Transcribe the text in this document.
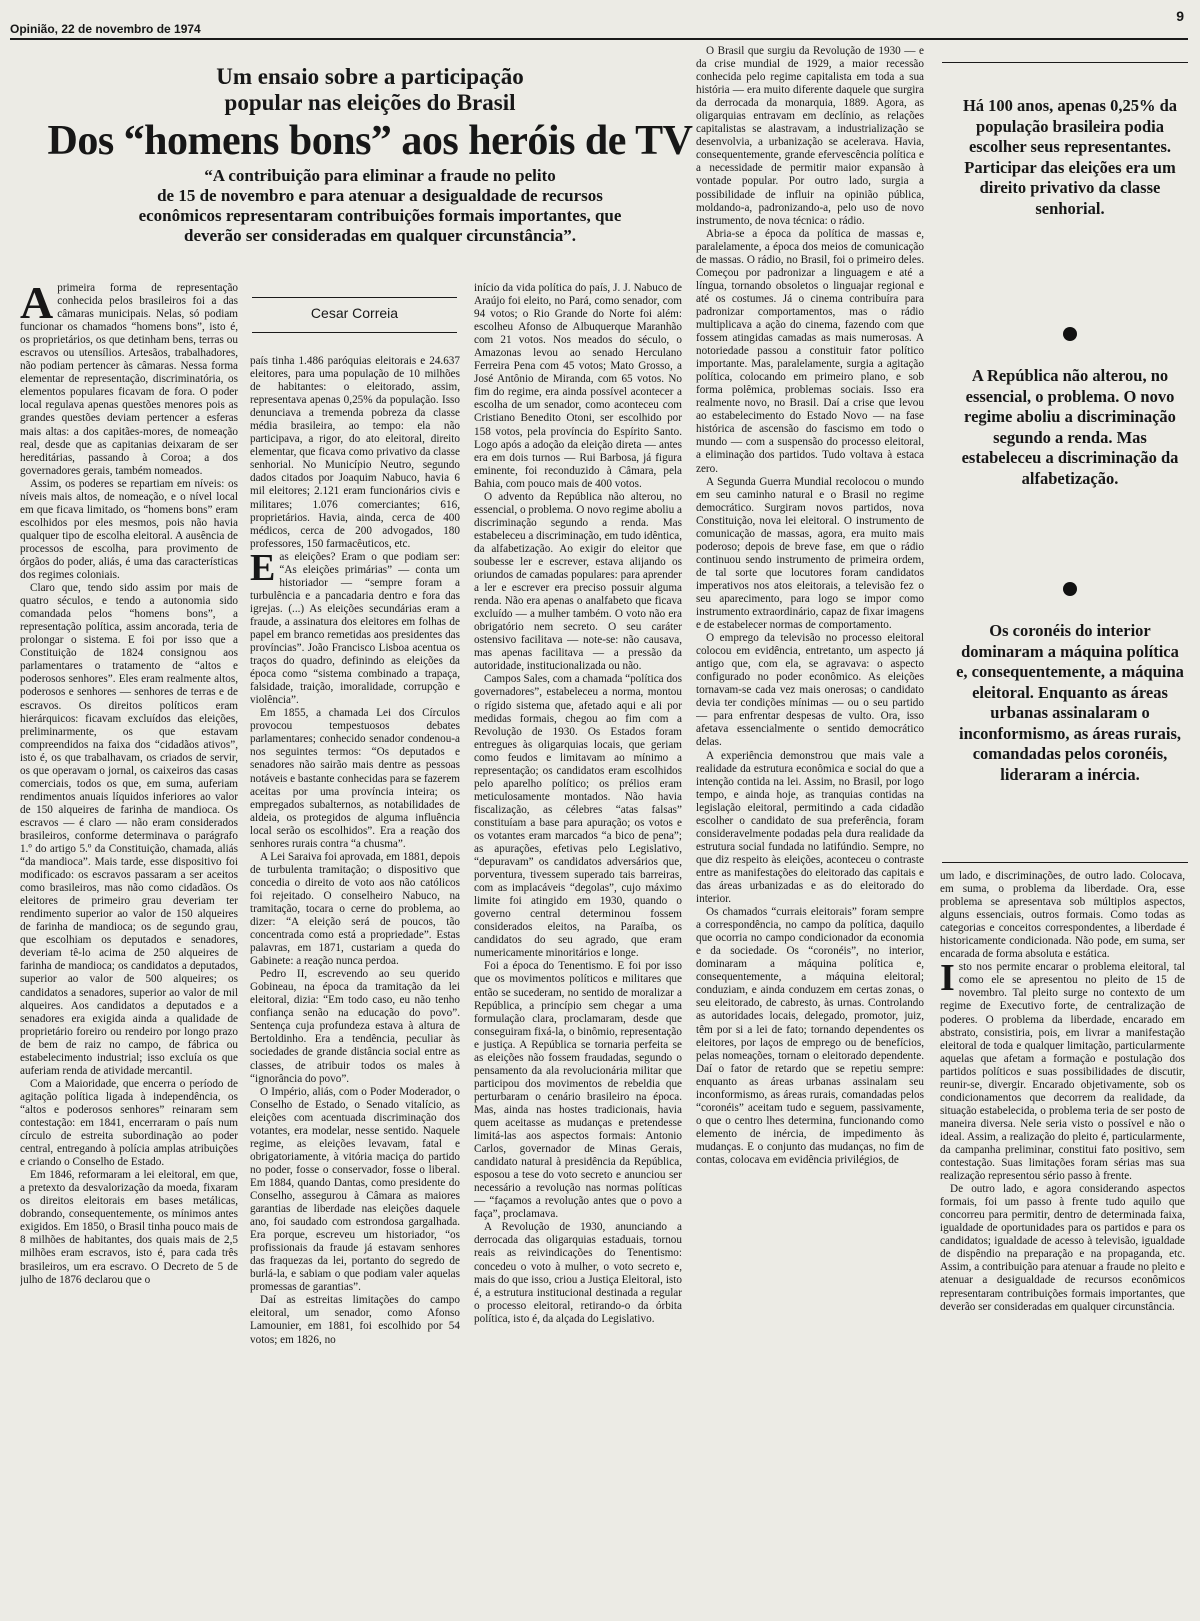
Opinião, 22 de novembro de 1974
9
Um ensaio sobre a participação
popular nas eleições do Brasil
Dos “homens bons” aos heróis de TV
“A contribuição para eliminar a fraude no pelito
de 15 de novembro e para atenuar a desigualdade de recursos
econômicos representaram contribuições formais importantes, que
deverão ser consideradas em qualquer circunstância”.
Cesar Correia

Aprimeira forma de representação conhecida pelos brasileiros foi a das câmaras municipais. Nelas, só podiam funcionar os chamados “homens bons”, isto é, os proprietários, os que detinham bens, terras ou escravos ou utensílios. Artesãos, trabalhadores, não podiam pertencer às câmaras. Nessa forma elementar de representação, discriminatória, os elementos populares ficavam de fora. O poder local regulava apenas questões menores pois as grandes questões deviam pertencer a esferas mais altas: a dos capitães-mores, de nomeação real, desde que as capitanias deixaram de ser hereditárias, passando à Coroa; a dos governadores gerais, também nomeados.

Assim, os poderes se repartiam em níveis: os níveis mais altos, de nomeação, e o nível local em que ficava limitado, os “homens bons” eram escolhidos por eles mesmos, pois não havia qualquer tipo de escolha eleitoral. A ausência de processos de escolha, para provimento de órgãos do poder, aliás, é uma das características dos regimes coloniais.

Claro que, tendo sido assim por mais de quatro séculos, e tendo a autonomia sido comandada pelos “homens bons”, a representação política, assim ancorada, teria de prolongar o sistema. E foi por isso que a Constituição de 1824 consignou aos parlamentares o tratamento de “altos e poderosos senhores”. Eles eram realmente altos, poderosos e senhores — senhores de terras e de escravos. Os direitos políticos eram hierárquicos: ficavam excluídos das eleições, preliminarmente, os que estavam compreendidos na faixa dos “cidadãos ativos”, isto é, os que trabalhavam, os criados de servir, os que operavam o jornal, os caixeiros das casas comerciais, todos os que, em suma, auferiam rendimentos anuais líquidos inferiores ao valor de 150 alqueires de farinha de mandioca. Os escravos — é claro — não eram considerados brasileiros, conforme determinava o parágrafo 1.º do artigo 5.º da Constituição, chamada, aliás “da mandioca”. Mais tarde, esse dispositivo foi modificado: os escravos passaram a ser aceitos como brasileiros, mas não como cidadãos. Os eleitores de primeiro grau deveriam ter rendimento superior ao valor de 150 alqueires de farinha de mandioca; os de segundo grau, que escolhiam os deputados e senadores, deveriam tê-lo acima de 250 alqueires de farinha de mandioca; os candidatos a deputados, superior ao valor de 500 alqueires; os candidatos a senadores, superior ao valor de mil alqueires. Aos candidatos a deputados e a senadores era exigida ainda a qualidade de proprietário foreiro ou rendeiro por longo prazo de bem de raiz no campo, de fábrica ou estabelecimento industrial; isso excluía os que auferiam renda de atividade mercantil.

Com a Maioridade, que encerra o período de agitação política ligada à independência, os “altos e poderosos senhores” reinaram sem contestação: em 1841, encerraram o país num círculo de estreita subordinação ao poder central, entregando à polícia amplas atribuições e criando o Conselho de Estado.

Em 1846, reformaram a lei eleitoral, em que, a pretexto da desvalorização da moeda, fixaram os direitos eleitorais em bases metálicas, dobrando, consequentemente, os mínimos antes exigidos. Em 1850, o Brasil tinha pouco mais de 8 milhões de habitantes, dos quais mais de 2,5 milhões eram escravos, isto é, para cada três brasileiros, um era escravo. O Decreto de 5 de julho de 1876 declarou que o

país tinha 1.486 paróquias eleitorais e 24.637 eleitores, para uma população de 10 milhões de habitantes: o eleitorado, assim, representava apenas 0,25% da população. Isso denunciava a tremenda pobreza da classe média brasileira, ao tempo: ela não participava, a rigor, do ato eleitoral, direito elementar, que ficava como privativo da classe senhorial. No Município Neutro, segundo dados citados por Joaquim Nabuco, havia 6 mil eleitores; 2.121 eram funcionários civis e militares; 1.076 comerciantes; 616, proprietários. Havia, ainda, cerca de 400 médicos, cerca de 200 advogados, 180 professores, 150 farmacêuticos, etc.

Eas eleições? Eram o que podiam ser: “As eleições primárias” — conta um historiador — “sempre foram a turbulência e a pancadaria dentro e fora das igrejas. (...) As eleições secundárias eram a fraude, a assinatura dos eleitores em folhas de papel em branco remetidas aos presidentes das províncias”. João Francisco Lisboa acentua os traços do quadro, definindo as eleições da época como “sistema combinado a trapaça, falsidade, traição, imoralidade, corrupção e violência”.

Em 1855, a chamada Lei dos Círculos provocou tempestuosos debates parlamentares; conhecido senador condenou-a nos seguintes termos: “Os deputados e senadores não sairão mais dentre as pessoas notáveis e bastante conhecidas para se fazerem aceitas por uma província inteira; os empregados subalternos, as notabilidades de aldeia, os protegidos de alguma influência local serão os escolhidos”. Era a reação dos senhores rurais contra “a chusma”.

A Lei Saraiva foi aprovada, em 1881, depois de turbulenta tramitação; o dispositivo que concedia o direito de voto aos não católicos foi rejeitado. O conselheiro Nabuco, na tramitação, tocara o cerne do problema, ao dizer: “A eleição será de poucos, tão concentrada como está a propriedade”. Estas palavras, em 1871, custariam a queda do Gabinete: a reação nunca perdoa.

Pedro II, escrevendo ao seu querido Gobineau, na época da tramitação da lei eleitoral, dizia: “Em todo caso, eu não tenho confiança senão na educação do povo”. Sentença cuja profundeza estava à altura de Bertoldinho. Era a tendência, peculiar às sociedades de grande distância social entre as classes, de atribuir todos os males à “ignorância do povo”.

O Império, aliás, com o Poder Moderador, o Conselho de Estado, o Senado vitalício, as eleições com acentuada discriminação dos votantes, era modelar, nesse sentido. Naquele regime, as eleições levavam, fatal e obrigatoriamente, à vitória maciça do partido no poder, fosse o conservador, fosse o liberal. Em 1884, quando Dantas, como presidente do Conselho, assegurou à Câmara as maiores garantias de liberdade nas eleições daquele ano, foi saudado com estrondosa gargalhada. Era porque, escreveu um historiador, “os profissionais da fraude já estavam senhores das fraquezas da lei, portanto do segredo de burlá-la, e sabiam o que podiam valer aquelas promessas de garantias”.

Daí as estreitas limitações do campo eleitoral, um senador, como Afonso Lamounier, em 1881, foi escolhido por 54 votos; em 1826, no

início da vida política do país, J. J. Nabuco de Araújo foi eleito, no Pará, como senador, com 94 votos; o Rio Grande do Norte foi além: escolheu Afonso de Albuquerque Maranhão com 21 votos. Nos meados do século, o Amazonas levou ao senado Herculano Ferreira Pena com 45 votos; Mato Grosso, a José Antônio de Miranda, com 65 votos. No fim do regime, era ainda possível acontecer a escolha de um senador, como aconteceu com Cristiano Benedito Otoni, ser escolhido por 158 votos, pela província do Espírito Santo. Logo após a adoção da eleição direta — antes era em dois turnos — Rui Barbosa, já figura eminente, foi reconduzido à Câmara, pela Bahia, com pouco mais de 400 votos.

O advento da República não alterou, no essencial, o problema. O novo regime aboliu a discriminação segundo a renda. Mas estabeleceu a discriminação, em tudo idêntica, da alfabetização. Ao exigir do eleitor que soubesse ler e escrever, estava alijando os oriundos de camadas populares: para aprender a ler e escrever era preciso possuir alguma renda. Não era apenas o analfabeto que ficava excluído — a mulher também. O voto não era obrigatório nem secreto. O seu caráter ostensivo facilitava — note-se: não causava, mas apenas facilitava — a pressão da autoridade, institucionalizada ou não.

Campos Sales, com a chamada “política dos governadores”, estabeleceu a norma, montou o rígido sistema que, afetado aqui e ali por medidas formais, chegou ao fim com a Revolução de 1930. Os Estados foram entregues às oligarquias locais, que geriam como feudos e limitavam ao mínimo a representação; os candidatos eram escolhidos pelo aparelho político; os prélios eram meticulosamente montados. Não havia fiscalização, as célebres “atas falsas” constituíam a base para apuração; os votos e os votantes eram marcados “a bico de pena”; as apurações, efetivas pelo Legislativo, “depuravam” os candidatos adversários que, porventura, tivessem superado tais barreiras, com as implacáveis “degolas”, cujo máximo limite foi atingido em 1930, quando o governo central determinou fossem considerados eleitos, na Paraíba, os candidatos do seu agrado, que eram numericamente minoritários e longe.

Foi a época do Tenentismo. E foi por isso que os movimentos políticos e militares que então se sucederam, no sentido de moralizar a República, a princípio sem chegar a uma formulação clara, proclamaram, desde que conseguiram fixá-la, o binômio, representação e justiça. A República se tornaria perfeita se as eleições não fossem fraudadas, segundo o pensamento da ala revolucionária militar que participou dos movimentos de rebeldia que perturbaram o cenário brasileiro na época. Mas, ainda nas hostes tradicionais, havia quem aceitasse as mudanças e pretendesse limitá-las aos aspectos formais: Antonio Carlos, governador de Minas Gerais, candidato natural à presidência da República, esposou a tese do voto secreto e anunciou ser necessário a revolução nas normas políticas — “façamos a revolução antes que o povo a faça”, proclamava.

A Revolução de 1930, anunciando a derrocada das oligarquias estaduais, tornou reais as reivindicações do Tenentismo: concedeu o voto à mulher, o voto secreto e, mais do que isso, criou a Justiça Eleitoral, isto é, a estrutura institucional destinada a regular o processo eleitoral, retirando-o da órbita política, isto é, da alçada do Legislativo.

O Brasil que surgiu da Revolução de 1930 — e da crise mundial de 1929, a maior recessão conhecida pelo regime capitalista em toda a sua história — era muito diferente daquele que surgira da derrocada da monarquia, 1889. Agora, as oligarquias entravam em declínio, as relações capitalistas se alastravam, a industrialização se desenvolvia, a urbanização se acelerava. Havia, consequentemente, grande efervescência política e a necessidade de permitir maior expansão à vontade popular. Por outro lado, surgia a possibilidade de influir na opinião pública, moldando-a, padronizando-a, pelo uso de novo instrumento, de nova técnica: o rádio.

Abria-se a época da política de massas e, paralelamente, a época dos meios de comunicação de massas. O rádio, no Brasil, foi o primeiro deles. Começou por padronizar a linguagem e até a língua, tornando obsoletos o linguajar regional e até os costumes. Já o cinema contribuíra para padronizar comportamentos, mas o rádio multiplicava a ação do cinema, fazendo com que fossem atingidas camadas as mais numerosas. A notoriedade passou a constituir fator político importante. Mas, paralelamente, surgia a agitação política, colocando em primeiro plano, e sob forma polêmica, problemas sociais. Isso era realmente novo, no Brasil. Daí a crise que levou ao estabelecimento do Estado Novo — na fase histórica de ascensão do fascismo em todo o mundo — com a suspensão do processo eleitoral, a eliminação dos partidos. Tudo voltava à estaca zero.

A Segunda Guerra Mundial recolocou o mundo em seu caminho natural e o Brasil no regime democrático. Surgiram novos partidos, nova Constituição, nova lei eleitoral. O instrumento de comunicação de massas, agora, era muito mais poderoso; depois de breve fase, em que o rádio continuou sendo instrumento de primeira ordem, de tal sorte que locutores foram candidatos imperativos nos atos eleitorais, a televisão fez o seu aparecimento, para logo se impor como instrumento extraordinário, capaz de fixar imagens e de estabelecer normas de comportamento.

O emprego da televisão no processo eleitoral colocou em evidência, entretanto, um aspecto já antigo que, com ela, se agravava: o aspecto configurado no poder econômico. As eleições tornavam-se cada vez mais onerosas; o candidato devia ter condições mínimas — ou o seu partido — para enfrentar despesas de vulto. Ora, isso afetava essencialmente o sentido democrático delas.

A experiência demonstrou que mais vale a realidade da estrutura econômica e social do que a intenção contida na lei. Assim, no Brasil, por logo tempo, e ainda hoje, as tranquias contidas na legislação eleitoral, permitindo a cada cidadão escolher o candidato de sua preferência, foram consideravelmente podadas pela dura realidade da estrutura social fundada no latifúndio. Sempre, no que diz respeito às eleições, aconteceu o contraste entre as manifestações do eleitorado das capitais e das áreas urbanizadas e as do eleitorado do interior.

Os chamados “currais eleitorais” foram sempre a correspondência, no campo da política, daquilo que ocorria no campo condicionador da economia e da sociedade. Os “coronéis”, no interior, dominaram a máquina política e, consequentemente, a máquina eleitoral; conduziam, e ainda conduzem em certas zonas, o seu eleitorado, de cabresto, às urnas. Controlando as autoridades locais, delegado, promotor, juiz, têm por si a lei de fato; tornando dependentes os eleitores, por laços de emprego ou de benefícios, pelas nomeações, tornam o eleitorado dependente. Daí o fator de retardo que se repetiu sempre: enquanto as áreas urbanas assinalam seu inconformismo, as áreas rurais, comandadas pelos “coronéis” aceitam tudo e seguem, passivamente, o que o centro lhes determina, funcionando como elemento de inércia, de impedimento às mudanças. E o conjunto das mudanças, no fim de contas, colocava em evidência privilégios, de

um lado, e discriminações, de outro lado. Colocava, em suma, o problema da liberdade. Ora, esse problema se apresentava sob múltiplos aspectos, alguns essenciais, outros formais. Como todas as categorias e conceitos correspondentes, a liberdade é historicamente condicionada. Não pode, em suma, ser encarada de forma absoluta e estática.

Isto nos permite encarar o problema eleitoral, tal como ele se apresentou no pleito de 15 de novembro. Tal pleito surge no contexto de um regime de Executivo forte, de centralização de poderes. O problema da liberdade, encarado em abstrato, consistiria, pois, em livrar a manifestação eleitoral de toda e qualquer limitação, particularmente aquelas que afetam a formação e postulação dos partidos políticos e suas possibilidades de discutir, reunir-se, divergir. Encarado objetivamente, sob os condicionamentos que decorrem da realidade, da situação estabelecida, o problema teria de ser posto de maneira diversa. Nele seria visto o possível e não o ideal. Assim, a realização do pleito é, particularmente, da campanha preliminar, constitui fato positivo, sem contestação. Suas limitações foram sérias mas sua realização representou sério passo à frente.

De outro lado, e agora considerando aspectos formais, foi um passo à frente tudo aquilo que concorreu para permitir, dentro de determinada faixa, igualdade de oportunidades para os partidos e para os candidatos; igualdade de acesso à televisão, igualdade de dispêndio na preparação e na propaganda, etc. Assim, a contribuição para atenuar a fraude no pleito e atenuar a desigualdade de recursos econômicos representaram contribuições formais importantes, que deverão ser consideradas em qualquer circunstância.

Há 100 anos, apenas 0,25% da população brasileira podia escolher seus representantes. Participar das eleições era um direito privativo da classe senhorial.
A República não alterou, no essencial, o problema. O novo regime aboliu a discriminação segundo a renda. Mas estabeleceu a discriminação da alfabetização.
Os coronéis do interior dominaram a máquina política e, consequentemente, a máquina eleitoral. Enquanto as áreas urbanas assinalaram o inconformismo, as áreas rurais, comandadas pelos coronéis, lideraram a inércia.
